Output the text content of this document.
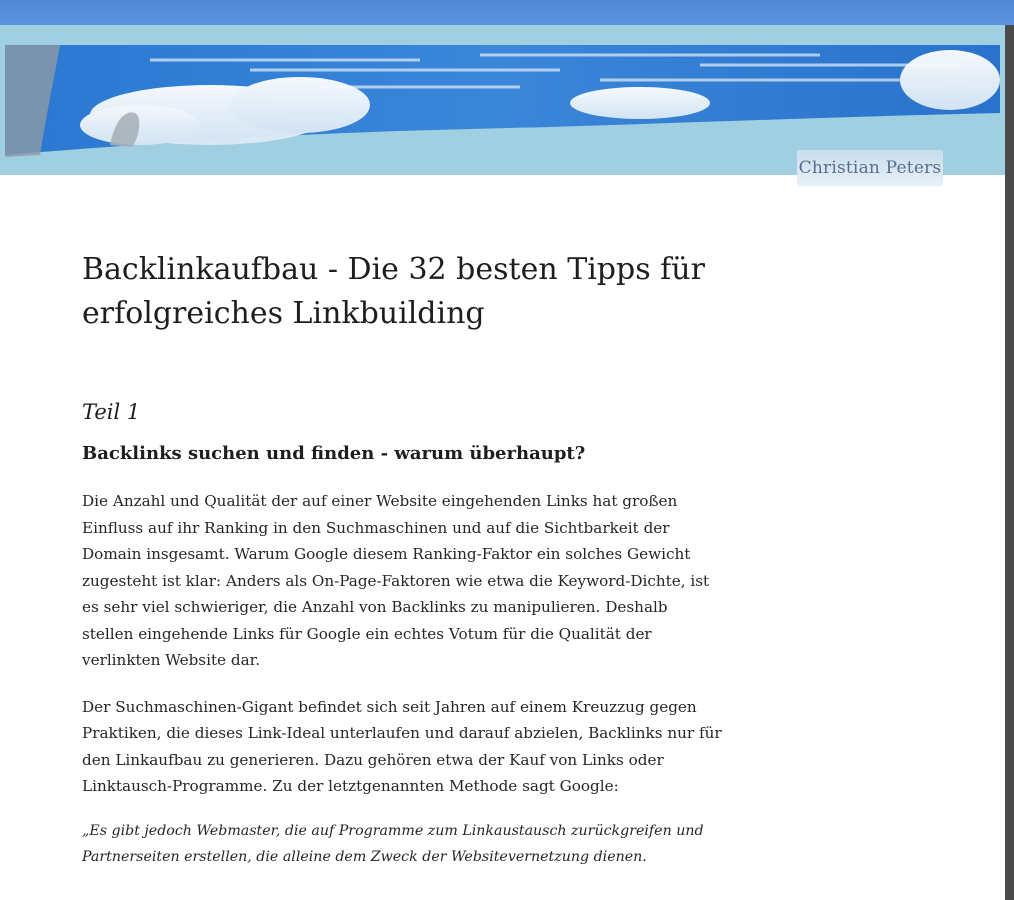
Christian Peters
Backlinkaufbau - Die 32 besten Tipps für erfolgreiches Linkbuilding
Teil 1
Backlinks suchen und finden - warum überhaupt?

Die Anzahl und Qualität der auf einer Website eingehenden Links hat großen Einfluss auf ihr Ranking in den Suchmaschinen und auf die Sichtbarkeit der Domain insgesamt. Warum Google diesem Ranking-Faktor ein solches Gewicht zugesteht ist klar: Anders als On-Page-Faktoren wie etwa die Keyword-Dichte, ist es sehr viel schwieriger, die Anzahl von Backlinks zu manipulieren. Deshalb stellen eingehende Links für Google ein echtes Votum für die Qualität der verlinkten Website dar.

Der Suchmaschinen-Gigant befindet sich seit Jahren auf einem Kreuzzug gegen Praktiken, die dieses Link-Ideal unterlaufen und darauf abzielen, Backlinks nur für den Linkaufbau zu generieren. Dazu gehören etwa der Kauf von Links oder Linktausch-Programme. Zu der letztgenannten Methode sagt Google:

„Es gibt jedoch Webmaster, die auf Programme zum Linkaustausch zurückgreifen und Partnerseiten erstellen, die alleine dem Zweck der Websitevernetzung dienen.
